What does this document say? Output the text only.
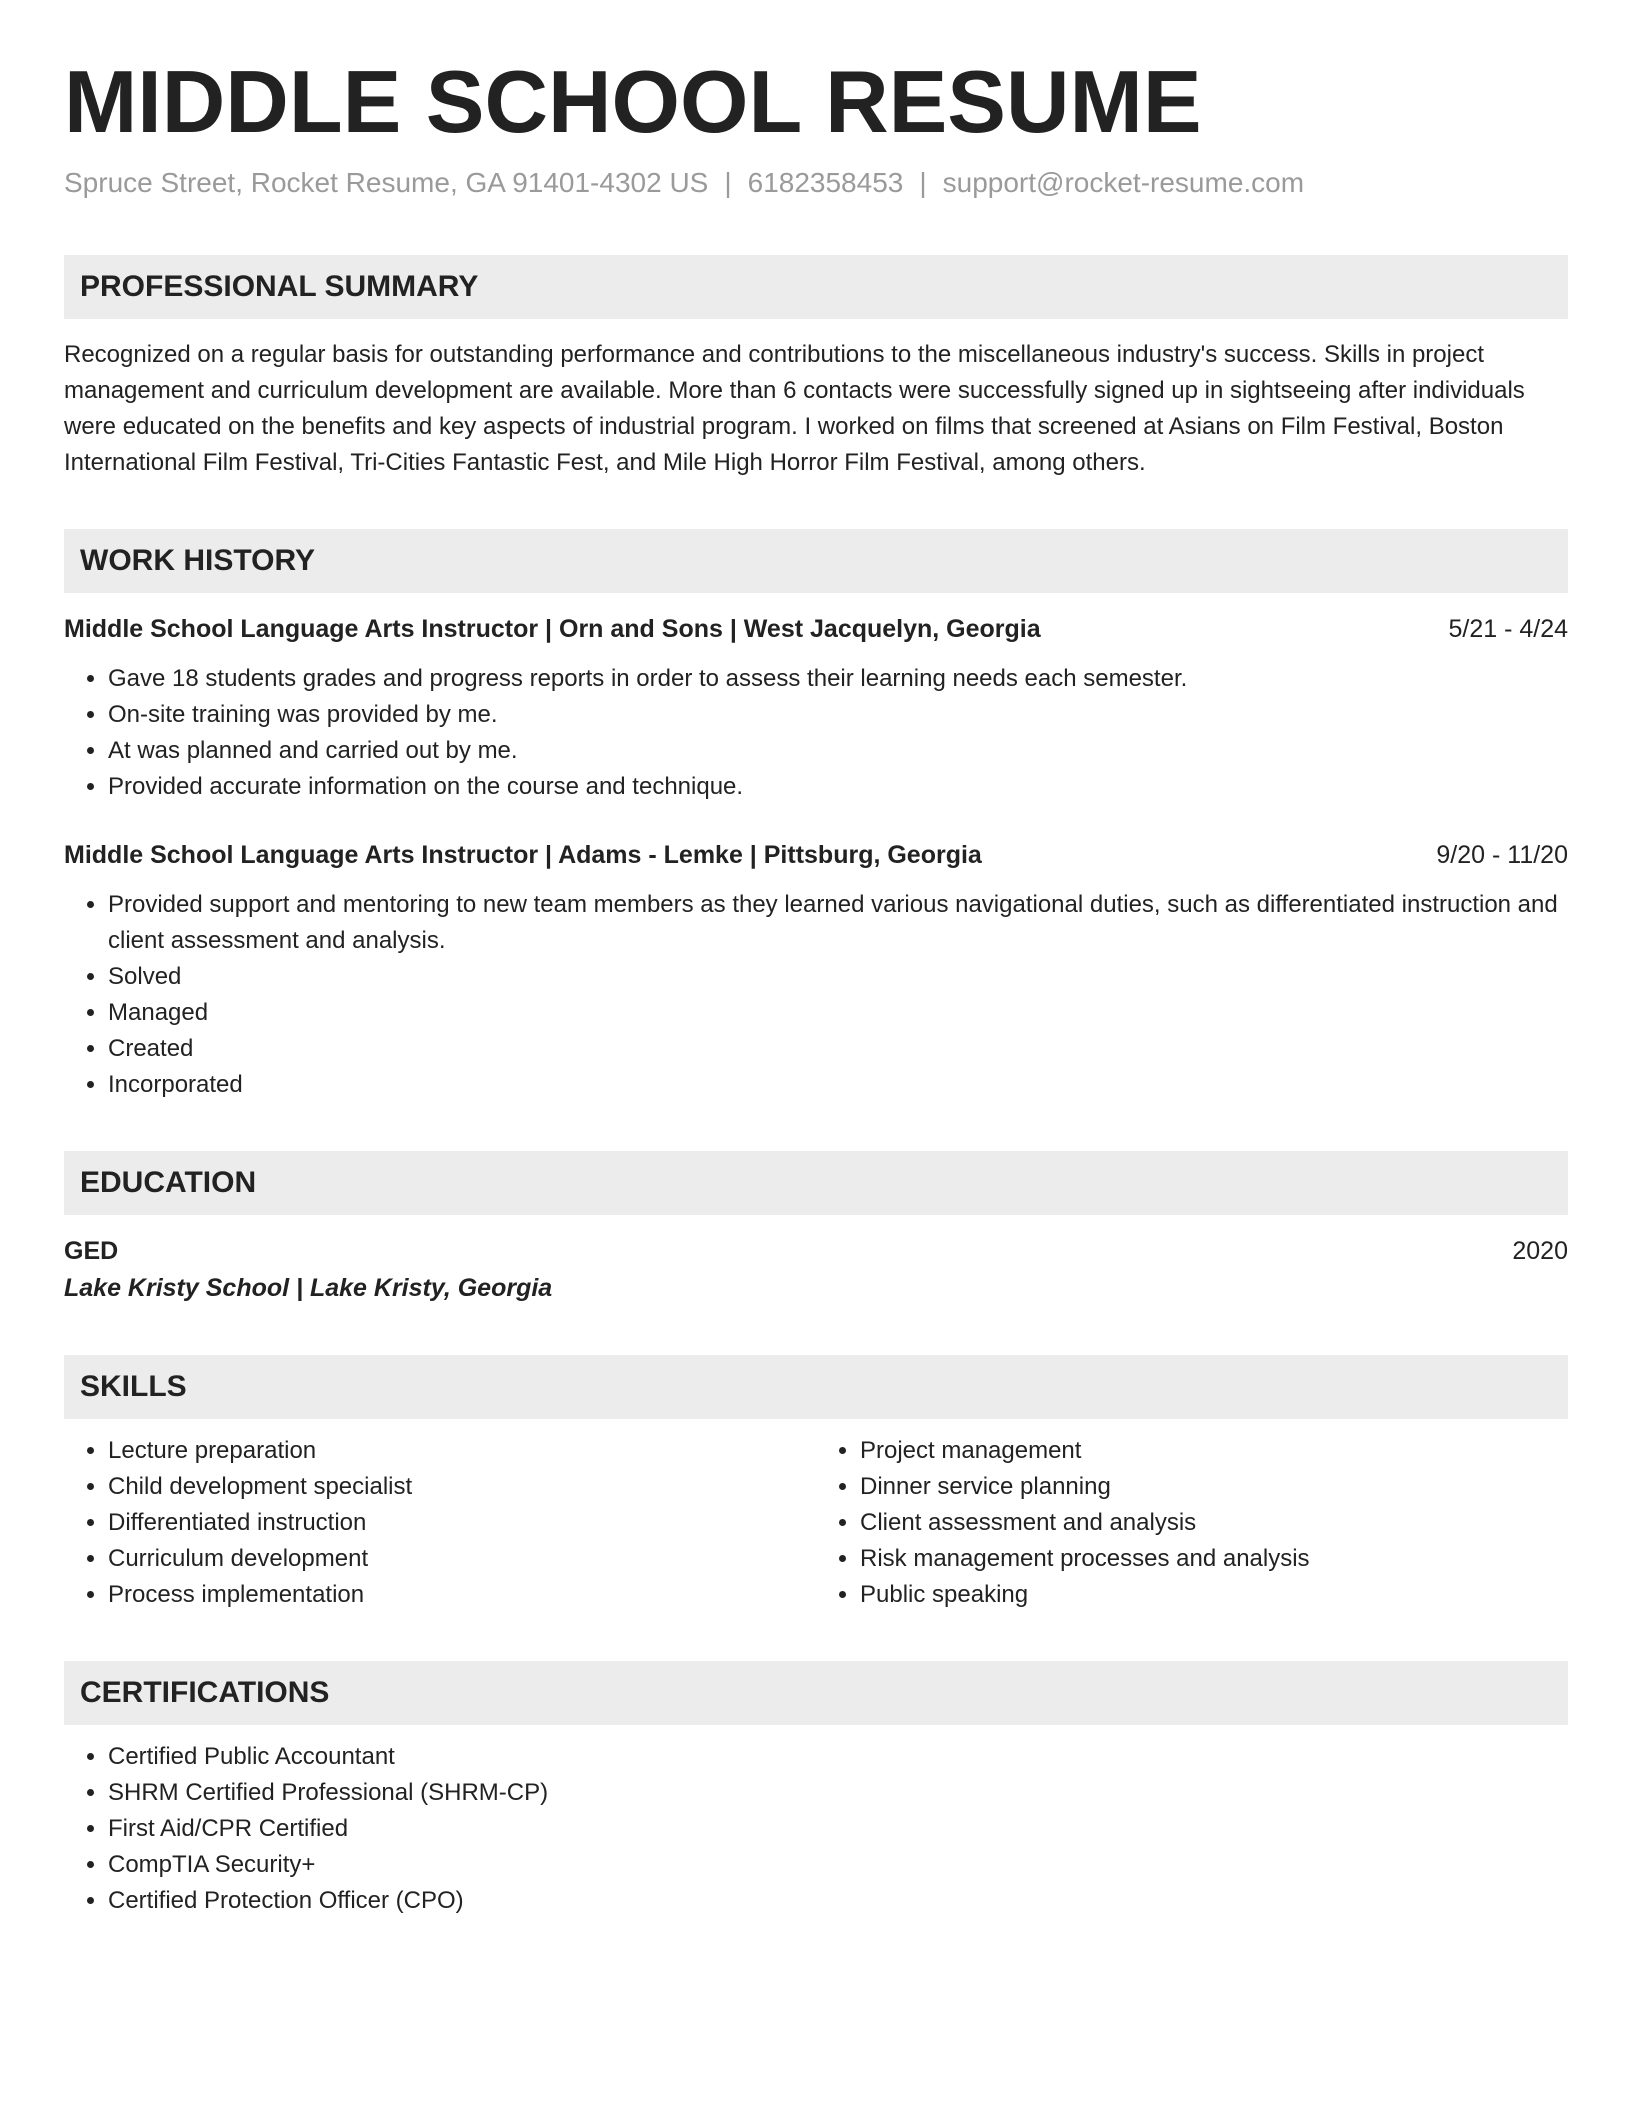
MIDDLE SCHOOL RESUME
Spruce Street, Rocket Resume, GA 91401-4302 US | 6182358453 | support@rocket-resume.com
PROFESSIONAL SUMMARY
Recognized on a regular basis for outstanding performance and contributions to the miscellaneous industry's success. Skills in project management and curriculum development are available. More than 6 contacts were successfully signed up in sightseeing after individuals were educated on the benefits and key aspects of industrial program. I worked on films that screened at Asians on Film Festival, Boston International Film Festival, Tri-Cities Fantastic Fest, and Mile High Horror Film Festival, among others.
WORK HISTORY
Middle School Language Arts Instructor | Orn and Sons | West Jacquelyn, Georgia	5/21 - 4/24
• Gave 18 students grades and progress reports in order to assess their learning needs each semester.
• On-site training was provided by me.
• At was planned and carried out by me.
• Provided accurate information on the course and technique.
Middle School Language Arts Instructor | Adams - Lemke | Pittsburg, Georgia	9/20 - 11/20
• Provided support and mentoring to new team members as they learned various navigational duties, such as differentiated instruction and client assessment and analysis.
• Solved
• Managed
• Created
• Incorporated
EDUCATION
GED	2020
Lake Kristy School | Lake Kristy, Georgia
SKILLS
• Lecture preparation
• Child development specialist
• Differentiated instruction
• Curriculum development
• Process implementation
• Project management
• Dinner service planning
• Client assessment and analysis
• Risk management processes and analysis
• Public speaking
CERTIFICATIONS
• Certified Public Accountant
• SHRM Certified Professional (SHRM-CP)
• First Aid/CPR Certified
• CompTIA Security+
• Certified Protection Officer (CPO)
